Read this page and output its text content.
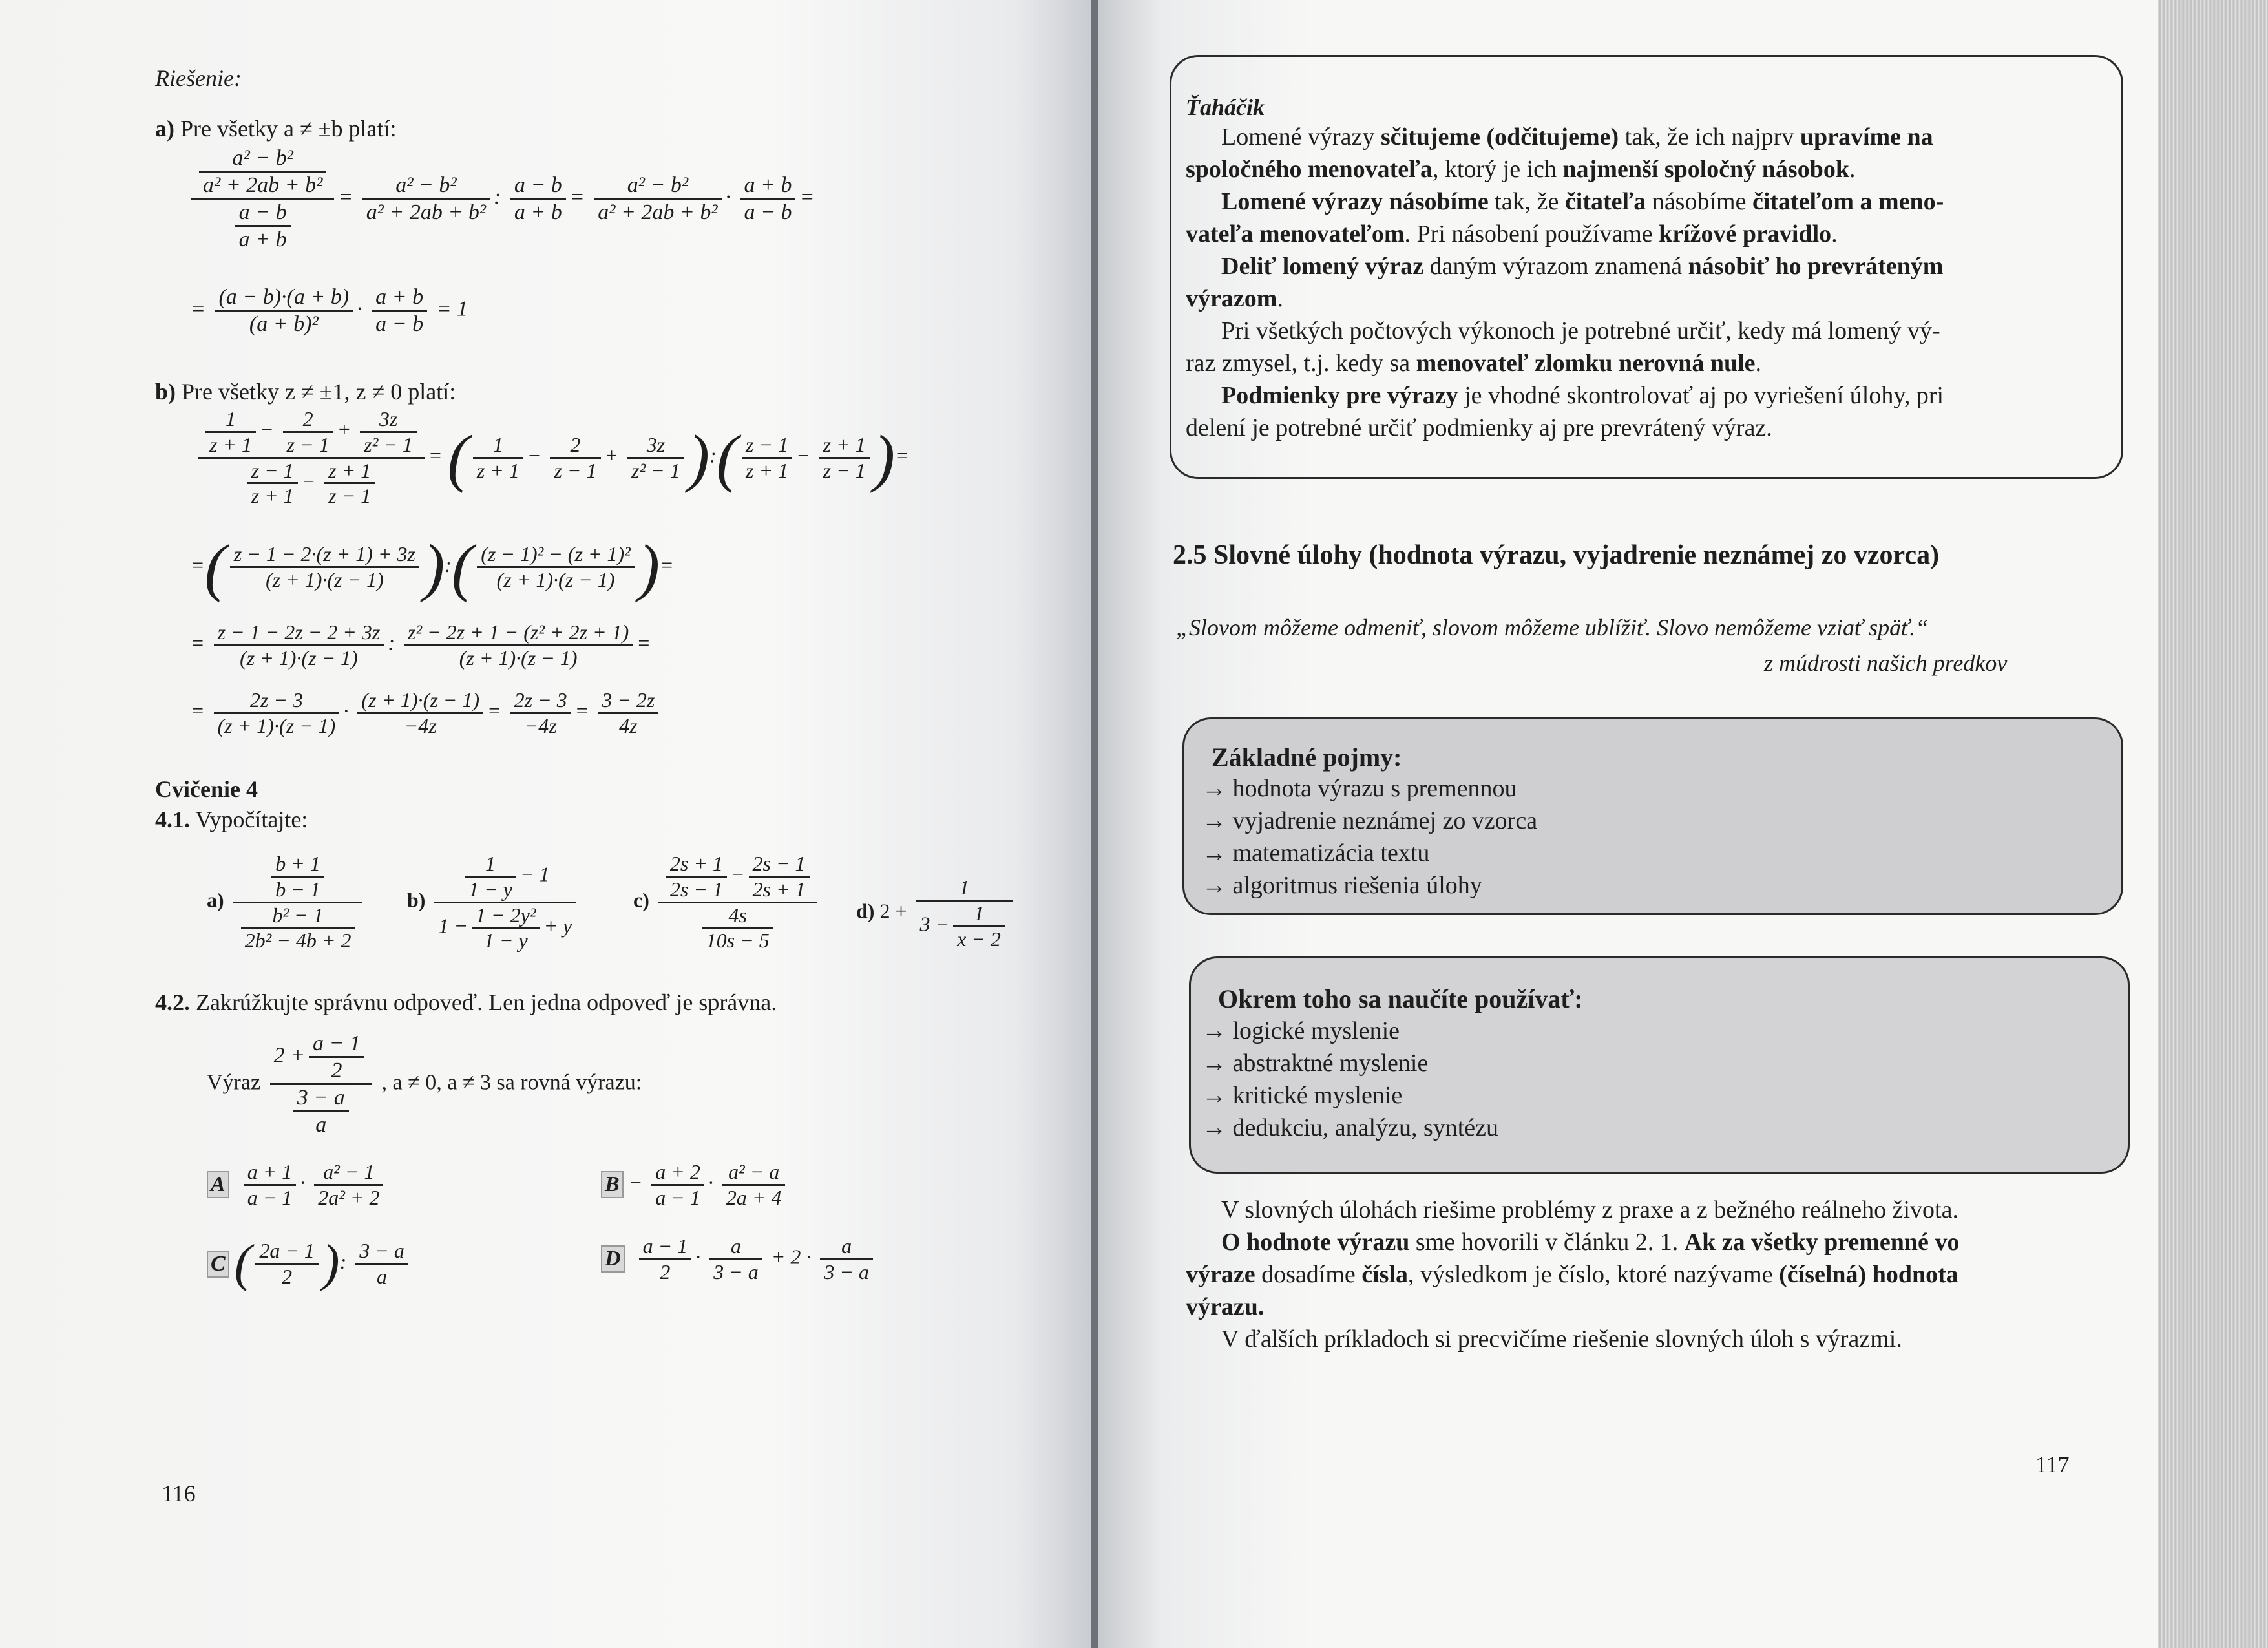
Riešenie:
a) Pre všetky a ≠ ±b platí:
$\frac{\frac{\text{a² − b²}}{\text{a² + 2ab + b²}}}{\frac{a - b}{a + b}} = \frac{\text{a² − b²}}{\text{a² + 2ab + b²}}$ : $\frac{a - b}{a + b} = \frac{\text{a² − b²}}{\text{a² + 2ab + b²}} \cdot \frac{a + b}{a - b}$ =
= $\frac{(a - b)\cdot(a + b)}{\text{(a + b)²}} \cdot \frac{a + b}{a - b} = 1$
b) Pre všetky z ≠ ±1, z ≠ 0 platí:
$\frac{\frac{1}{z + 1} - \frac{2}{z - 1} + \frac{3z}{\text{z² − 1}}}{\frac{z - 1}{z + 1} - \frac{z + 1}{z - 1}}$ = ( $\frac{1}{z + 1} - \frac{2}{z - 1} + \frac{3z}{\text{z² − 1}}$ ):( $\frac{z - 1}{z + 1} - \frac{z + 1}{z - 1}$ )=
=( $\frac{z - 1 - 2\cdot(z + 1) + 3z}{(z + 1)\cdot(z - 1)}$ ):( $\frac{\text{(z − 1)² − (z + 1)²}}{(z + 1)\cdot(z - 1)}$ )=
= $\frac{z - 1 - 2z - 2 + 3z}{(z + 1)\cdot(z - 1)}$ : $\frac{\text{z² − 2z + 1 − (z² + 2z + 1)}}{(z + 1)\cdot(z - 1)}$ =
= $\frac{2z - 3}{(z + 1)\cdot(z - 1)} \cdot \frac{(z + 1)\cdot(z - 1)}{-4z} = \frac{2z - 3}{-4z} = \frac{3 - 2z}{4z}$
Cvičenie 4
4.1. Vypočítajte:
$a) \frac{\frac{b + 1}{b - 1}}{\frac{\text{b² − 1}}{\text{2b² − 4b + 2}}} b) \frac{\frac{1}{1 - y} - 1}{1 - \frac{\text{1 − 2y²}}{1 - y} + y}$	$c) \frac{\frac{2s + 1}{2s - 1} - \frac{2s - 1}{2s + 1}}{\frac{4s}{10s - 5}} d$) $2 + \frac{1}{3 - \frac{1}{x - 2}}$
4.2. Zakrúžkujte správnu odpoveď. Len jedna odpoveď je správna.
Výraz $\frac{2 + \frac{a - 1}{2}}{\frac{3 - a}{a}}$ , a ≠ 0, a ≠ 3 sa rovná výrazu:
A $\frac{a + 1}{a - 1} \cdot \frac{\text{a² − 1}}{\text{2a² + 2}}$	$B - \frac{a + 2}{a - 1} \cdot \frac{\text{a² − a}}{2a + 4}$
C ( $\frac{2a - 1}{2}$ ): $\frac{3 - a}{a}$	D $\frac{a - 1}{2} \cdot \frac{a}{3 - a} + 2 \cdot \frac{a}{3 - a}$
116
Ťaháčik
Lomené výrazy sčitujeme (odčitujeme) tak, že ich najprv upravíme na
spoločného menovateľa, ktorý je ich najmenší spoločný násobok.
Lomené výrazy násobíme tak, že čitateľa násobíme čitateľom a meno-
vateľa menovateľom. Pri násobení používame krížové pravidlo.
Deliť lomený výraz daným výrazom znamená násobiť ho prevráteným
výrazom.
Pri všetkých počtových výkonoch je potrebné určiť, kedy má lomený vý-
raz zmysel, t.j. kedy sa menovateľ zlomku nerovná nule.
Podmienky pre výrazy je vhodné skontrolovať aj po vyriešení úlohy, pri
delení je potrebné určiť podmienky aj pre prevrátený výraz.
2.5 Slovné úlohy (hodnota výrazu, vyjadrenie neznámej zo vzorca)
„Slovom môžeme odmeniť, slovom môžeme ublížiť. Slovo nemôžeme vziať späť.“
z múdrosti našich predkov
Základné pojmy:
→ hodnota výrazu s premennou
→ vyjadrenie neznámej zo vzorca
→ matematizácia textu
→ algoritmus riešenia úlohy
Okrem toho sa naučíte používať:
→ logické myslenie
→ abstraktné myslenie
→ kritické myslenie
→ dedukciu, analýzu, syntézu
V slovných úlohách riešime problémy z praxe a z bežného reálneho života.
O hodnote výrazu sme hovorili v článku 2. 1. Ak za všetky premenné vo
výraze dosadíme čísla, výsledkom je číslo, ktoré nazývame (číselná) hodnota
výrazu.
V ďalších príkladoch si precvičíme riešenie slovných úloh s výrazmi.
117
